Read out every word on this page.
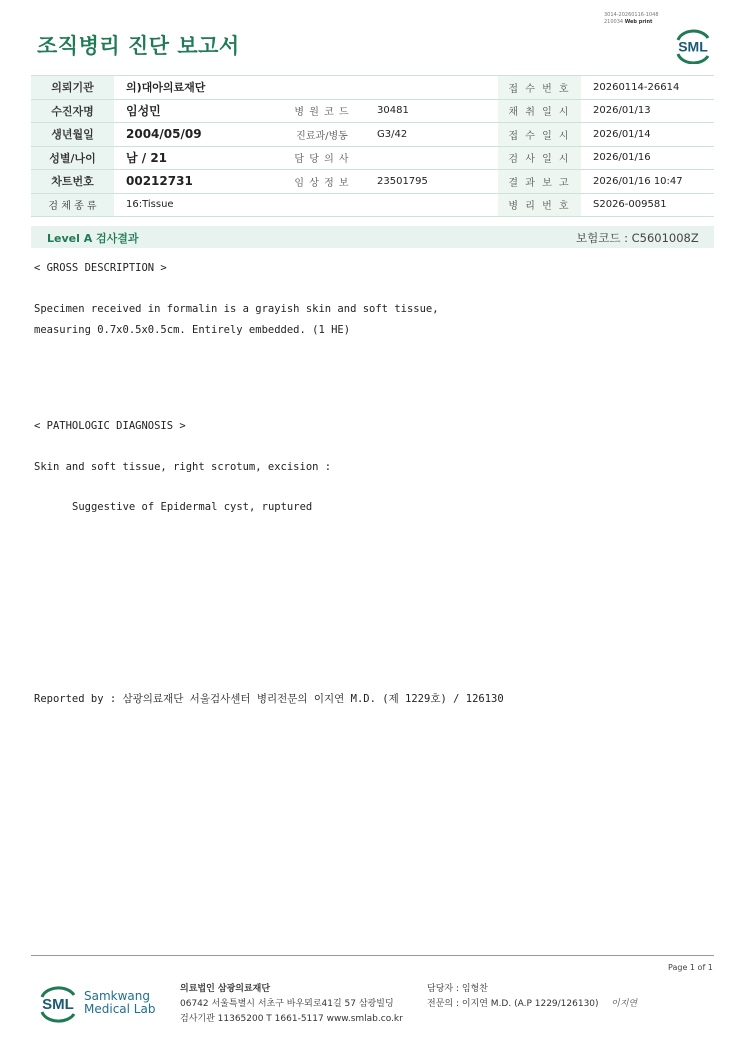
3014-20260116-1048
210034 Web print
조직병리 진단 보고서	SML
의뢰기관	의)대아의료재단			접 수 번 호	20260114-26614
수진자명	임성민	병 원 코 드	30481	채 취 일 시	2026/01/13
생년월일	2004/05/09	진료과/병동	G3/42	접 수 일 시	2026/01/14
성별/나이	남 / 21	담 당 의 사		검 사 일 시	2026/01/16
차트번호	00212731	임 상 정 보	23501795	결 과 보 고	2026/01/16 10:47
검 체 종 류	16:Tissue			병 리 번 호	S2026-009581
Level A 검사결과	보험코드 : C5601008Z
< GROSS DESCRIPTION >
Specimen received in formalin is a grayish skin and soft tissue,
measuring 0.7x0.5x0.5cm. Entirely embedded. (1 HE)
< PATHOLOGIC DIAGNOSIS >
Skin and soft tissue, right scrotum, excision :
Suggestive of Epidermal cyst, ruptured
Reported by : 삼광의료재단 서울검사센터 병리전문의 이지연 M.D. (제 1229호) / 126130
Page 1 of 1
SML Samkwang
Medical Lab
의료법인 삼광의료재단
06742 서울특별시 서초구 바우뫼로41길 57 삼광빌딩
검사기관 11365200 T 1661-5117 www.smlab.co.kr
담당자 : 임형찬
전문의 : 이지연 M.D. (A.P 1229/126130) 이지연
